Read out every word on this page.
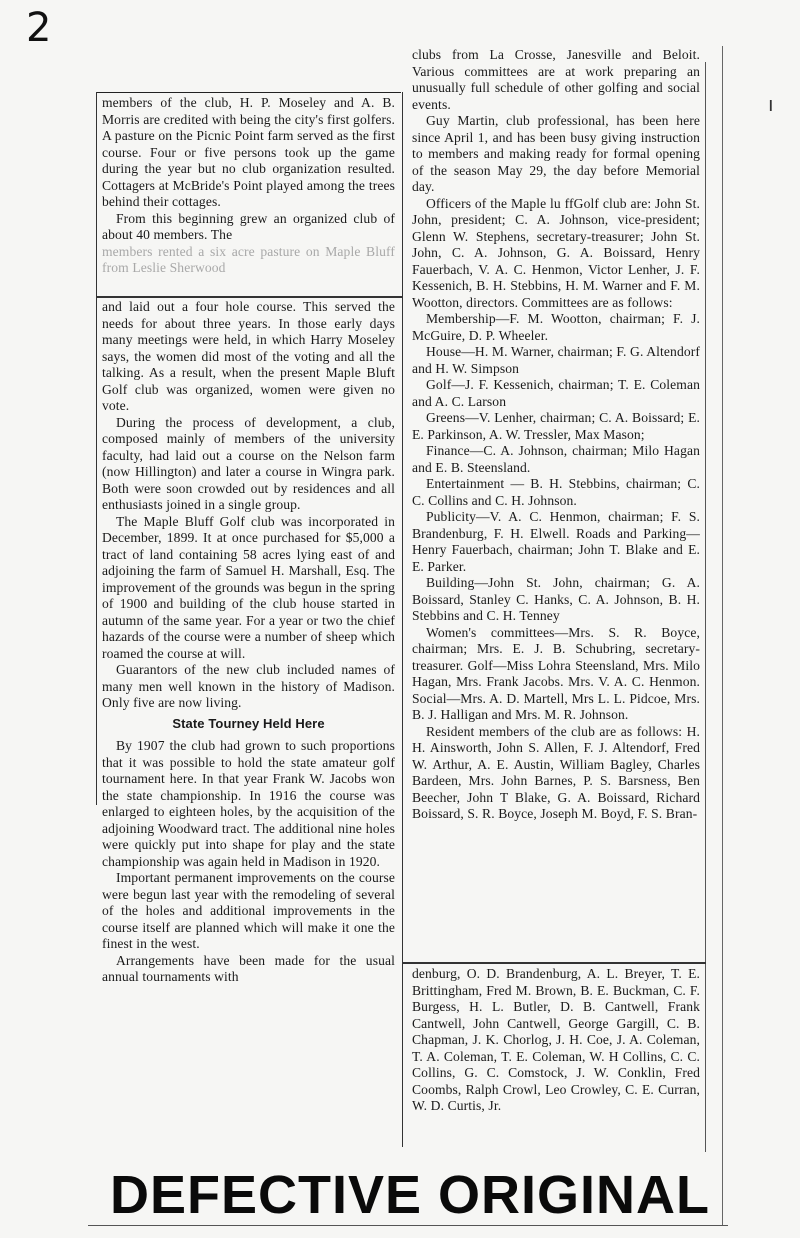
2
ı

members of the club, H. P. Moseley and A. B. Morris are credited with being the city's first golfers. A pasture on the Picnic Point farm served as the first course. Four or five persons took up the game during the year but no club organization resulted. Cottagers at McBride's Point played among the trees behind their cottages.

From this beginning grew an organized club of about 40 members. The

members rented a six acre pasture on Maple Bluff from Leslie Sherwood

and laid out a four hole course. This served the needs for about three years. In those early days many meetings were held, in which Harry Moseley says, the women did most of the voting and all the talking. As a result, when the present Maple Bluft Golf club was organized, women were given no vote.

During the process of development, a club, composed mainly of members of the university faculty, had laid out a course on the Nelson farm (now Hillington) and later a course in Wingra park. Both were soon crowded out by residences and all enthusiasts joined in a single group.

The Maple Bluff Golf club was incorporated in December, 1899. It at once purchased for $5,000 a tract of land containing 58 acres lying east of and adjoining the farm of Samuel H. Marshall, Esq. The improvement of the grounds was begun in the spring of 1900 and building of the club house started in autumn of the same year. For a year or two the chief hazards of the course were a number of sheep which roamed the course at will.

Guarantors of the new club included names of many men well known in the history of Madison. Only five are now living.

State Tourney Held Here

By 1907 the club had grown to such proportions that it was possible to hold the state amateur golf tournament here. In that year Frank W. Jacobs won the state championship. In 1916 the course was enlarged to eighteen holes, by the acquisition of the adjoining Woodward tract. The additional nine holes were quickly put into shape for play and the state championship was again held in Madison in 1920.

Important permanent improvements on the course were begun last year with the remodeling of several of the holes and additional improvements in the course itself are planned which will make it one the finest in the west.

Arrangements have been made for the usual annual tournaments with

clubs from La Crosse, Janesville and Beloit. Various committees are at work preparing an unusually full schedule of other golfing and social events.

Guy Martin, club professional, has been here since April 1, and has been busy giving instruction to members and making ready for formal opening of the season May 29, the day before Memorial day.

Officers of the Maple lu ffGolf club are: John St. John, president; C. A. Johnson, vice-president; Glenn W. Stephens, secretary-treasurer; John St. John, C. A. Johnson, G. A. Boissard, Henry Fauerbach, V. A. C. Henmon, Victor Lenher, J. F. Kessenich, B. H. Stebbins, H. M. Warner and F. M. Wootton, directors. Committees are as follows:

Membership—F. M. Wootton, chairman; F. J. McGuire, D. P. Wheeler.

House—H. M. Warner, chairman; F. G. Altendorf and H. W. Simpson

Golf—J. F. Kessenich, chairman; T. E. Coleman and A. C. Larson

Greens—V. Lenher, chairman; C. A. Boissard; E. E. Parkinson, A. W. Tressler, Max Mason;

Finance—C. A. Johnson, chairman; Milo Hagan and E. B. Steensland.

Entertainment — B. H. Stebbins, chairman; C. C. Collins and C. H. Johnson.

Publicity—V. A. C. Henmon, chairman; F. S. Brandenburg, F. H. Elwell. Roads and Parking—Henry Fauerbach, chairman; John T. Blake and E. E. Parker.

Building—John St. John, chairman; G. A. Boissard, Stanley C. Hanks, C. A. Johnson, B. H. Stebbins and C. H. Tenney

Women's committees—Mrs. S. R. Boyce, chairman; Mrs. E. J. B. Schubring, secretary-treasurer. Golf—Miss Lohra Steensland, Mrs. Milo Hagan, Mrs. Frank Jacobs. Mrs. V. A. C. Henmon. Social—Mrs. A. D. Martell, Mrs L. L. Pidcoe, Mrs. B. J. Halligan and Mrs. M. R. Johnson.

Resident members of the club are as follows: H. H. Ainsworth, John S. Allen, F. J. Altendorf, Fred W. Arthur, A. E. Austin, William Bagley, Charles Bardeen, Mrs. John Barnes, P. S. Barsness, Ben Beecher, John T Blake, G. A. Boissard, Richard Boissard, S. R. Boyce, Joseph M. Boyd, F. S. Bran-

denburg, O. D. Brandenburg, A. L. Breyer, T. E. Brittingham, Fred M. Brown, B. E. Buckman, C. F. Burgess, H. L. Butler, D. B. Cantwell, Frank Cantwell, John Cantwell, George Gargill, C. B. Chapman, J. K. Chorlog, J. H. Coe, J. A. Coleman, T. A. Coleman, T. E. Coleman, W. H Collins, C. C. Collins, G. C. Comstock, J. W. Conklin, Fred Coombs, Ralph Crowl, Leo Crowley, C. E. Curran, W. D. Curtis, Jr.

DEFECTIVE ORIGINAL
